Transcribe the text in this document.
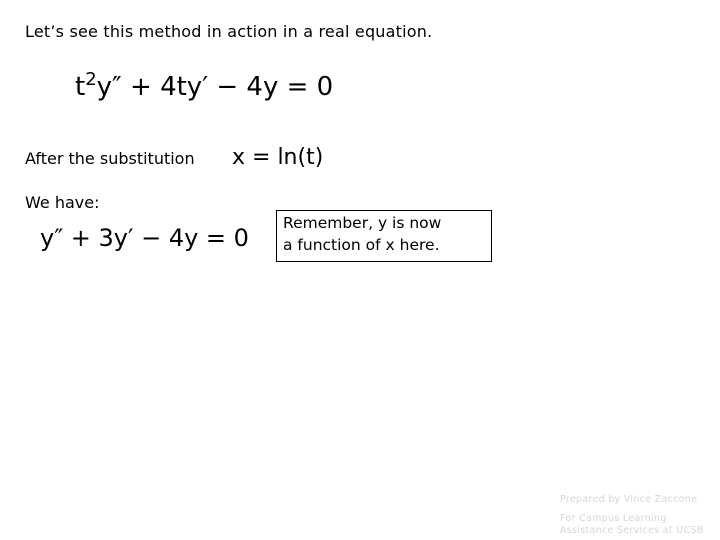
Let’s see this method in action in a real equation.
$t^2y'' + 4ty' - 4y = 0$
After the substitution x = ln(t)
We have:
y″ + 3y′ − 4y = 0
Remember, y is now
a function of x here.
Prepared by Vince Zaccone
For Campus Learning
Assistance Services at UCSB
